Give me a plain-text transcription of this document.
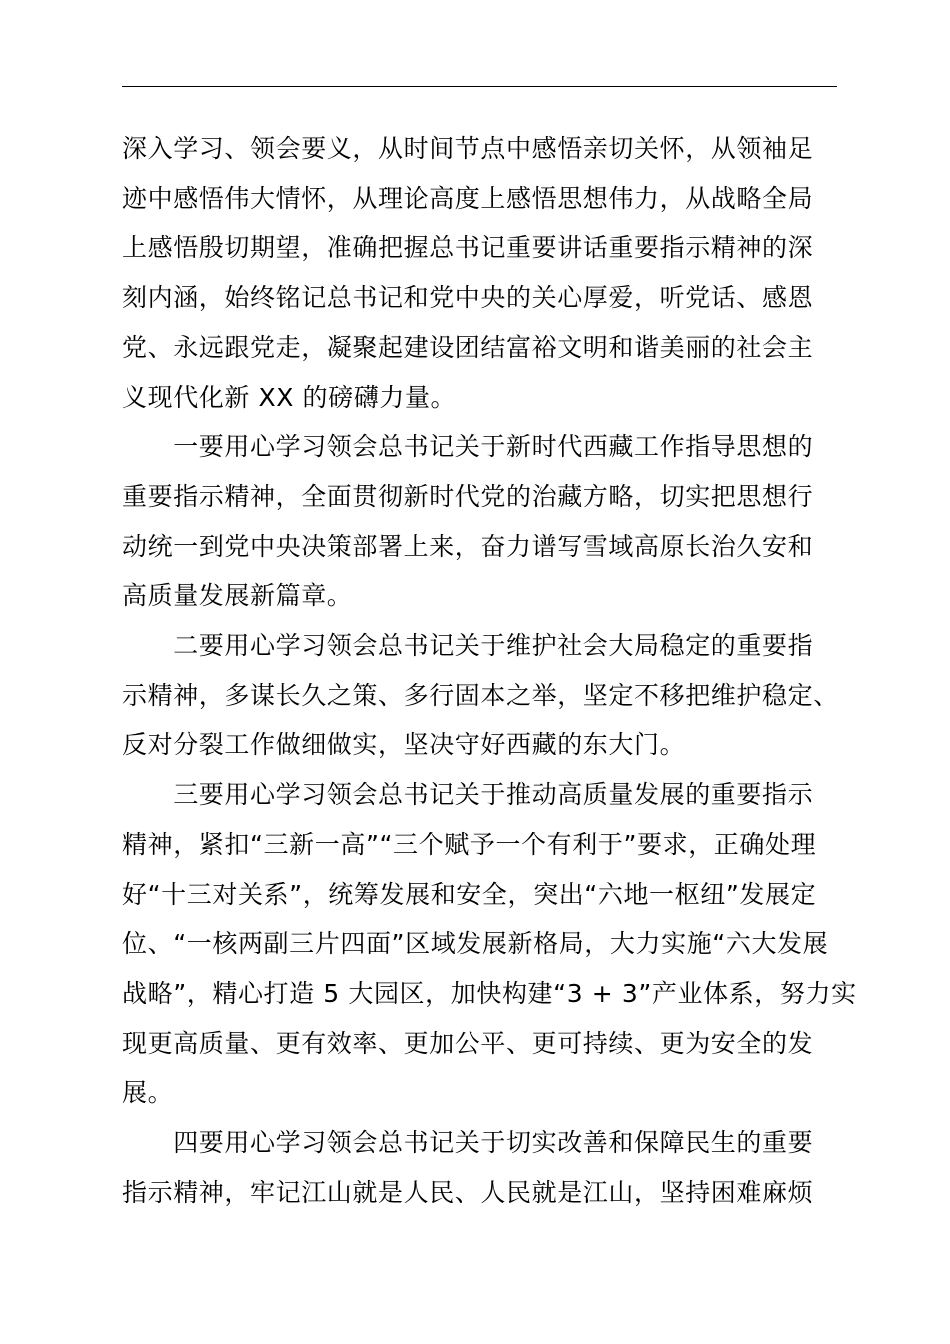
深入学习、领会要义，从时间节点中感悟亲切关怀，从领袖足
迹中感悟伟大情怀，从理论高度上感悟思想伟力，从战略全局
上感悟殷切期望，准确把握总书记重要讲话重要指示精神的深
刻内涵，始终铭记总书记和党中央的关心厚爱，听党话、感恩
党、永远跟党走，凝聚起建设团结富裕文明和谐美丽的社会主
义现代化新 XX 的磅礴力量。

　　一要用心学习领会总书记关于新时代西藏工作指导思想的
重要指示精神，全面贯彻新时代党的治藏方略，切实把思想行
动统一到党中央决策部署上来，奋力谱写雪域高原长治久安和
高质量发展新篇章。

　　二要用心学习领会总书记关于维护社会大局稳定的重要指
示精神，多谋长久之策、多行固本之举，坚定不移把维护稳定、
反对分裂工作做细做实，坚决守好西藏的东大门。

　　三要用心学习领会总书记关于推动高质量发展的重要指示
精神，紧扣“三新一高”“三个赋予一个有利于”要求，正确处理
好“十三对关系”，统筹发展和安全，突出“六地一枢纽”发展定
位、“一核两副三片四面”区域发展新格局，大力实施“六大发展
战略”，精心打造 5 大园区，加快构建“3 + 3”产业体系，努力实
现更高质量、更有效率、更加公平、更可持续、更为安全的发
展。

　　四要用心学习领会总书记关于切实改善和保障民生的重要
指示精神，牢记江山就是人民、人民就是江山，坚持困难麻烦
